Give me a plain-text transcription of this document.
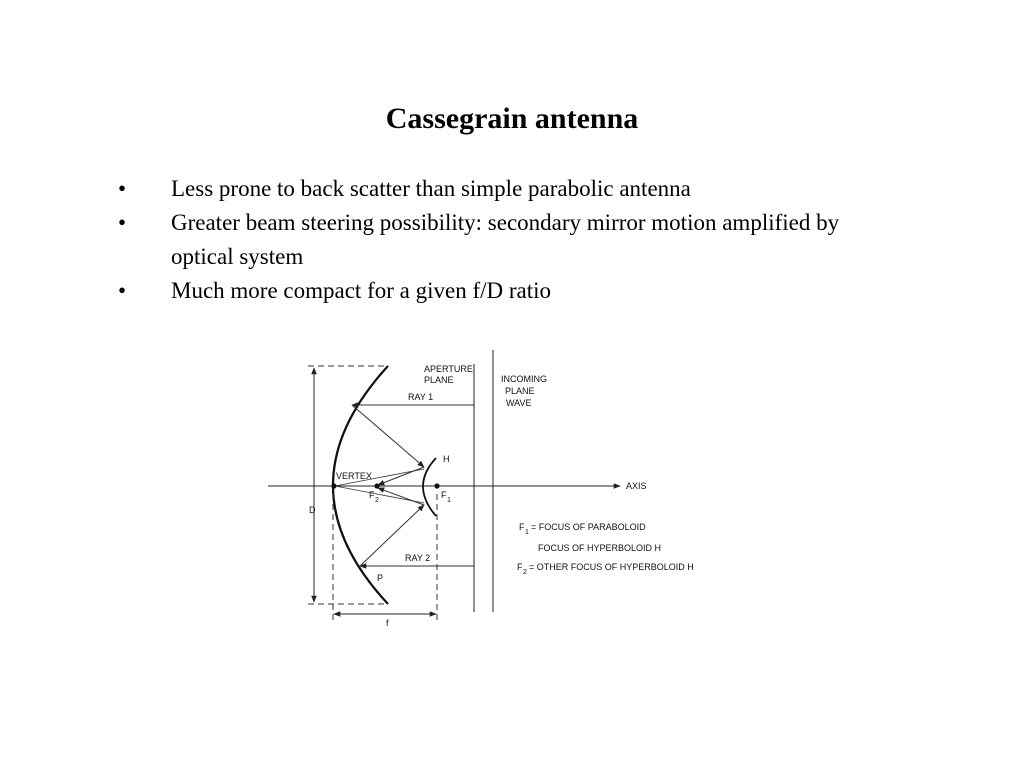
Cassegrain antenna
• Less prone to back scatter than simple parabolic antenna
• Greater beam steering possibility: secondary mirror motion amplified by optical system
• Much more compact for a given f/D ratio
APERTURE
PLANE	INCOMING
PLANE
WAVE
RAY 1
RAY 2
VERTEX
AXIS
H
P
D
f
F
2
F
1
F
1
= FOCUS OF PARABOLOID
FOCUS OF HYPERBOLOID H
F
2
= OTHER FOCUS OF HYPERBOLOID H
